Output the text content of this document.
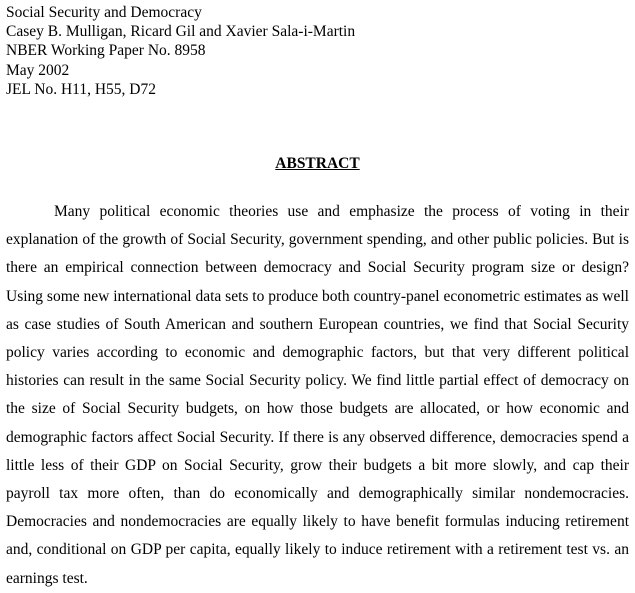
Social Security and Democracy
Casey B. Mulligan, Ricard Gil and Xavier Sala-i-Martin
NBER Working Paper No. 8958
May 2002
JEL No. H11, H55, D72
ABSTRACT

Many political economic theories use and emphasize the process of voting in their explanation of the growth of Social Security, government spending, and other public policies. But is there an empirical connection between democracy and Social Security program size or design? Using some new international data sets to produce both country-panel econometric estimates as well as case studies of South American and southern European countries, we find that Social Security policy varies according to economic and demographic factors, but that very different political histories can result in the same Social Security policy. We find little partial effect of democracy on the size of Social Security budgets, on how those budgets are allocated, or how economic and demographic factors affect Social Security. If there is any observed difference, democracies spend a little less of their GDP on Social Security, grow their budgets a bit more slowly, and cap their payroll tax more often, than do economically and demographically similar nondemocracies. Democracies and nondemocracies are equally likely to have benefit formulas inducing retirement and, conditional on GDP per capita, equally likely to induce retirement with a retirement test vs. an earnings test.
